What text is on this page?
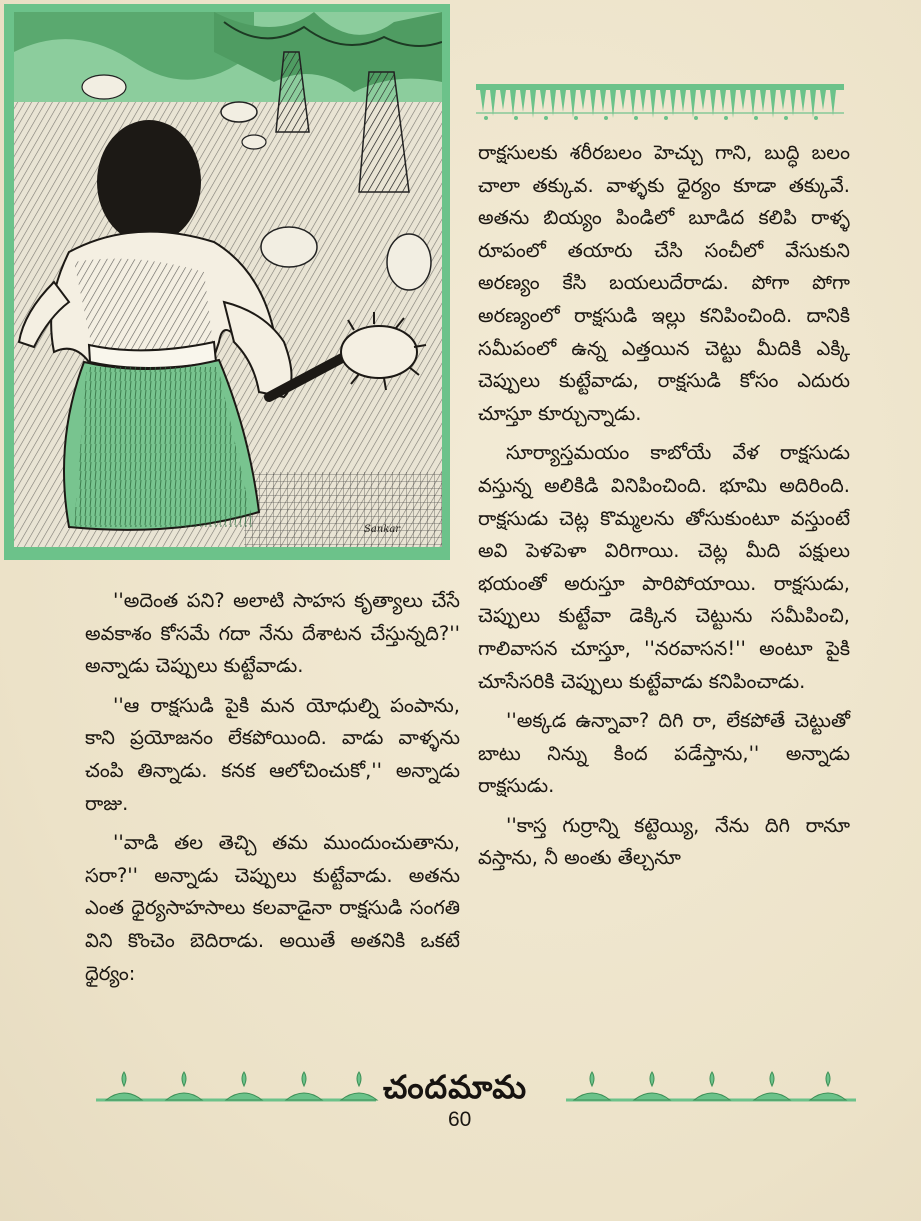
Sankar

రాక్షసులకు శరీరబలం హెచ్చు గాని, బుద్ధి బలం చాలా తక్కువ. వాళ్ళకు ధైర్యం కూడా తక్కువే. అతను బియ్యం పిండిలో బూడిద కలిపి రాళ్ళ రూపంలో తయారు చేసి సంచీలో వేసుకుని అరణ్యం కేసి బయలుదేరాడు. పోగా పోగా అరణ్యంలో రాక్షసుడి ఇల్లు కనిపించింది. దానికి సమీపంలో ఉన్న ఎత్తయిన చెట్టు మీదికి ఎక్కి చెప్పులు కుట్టేవాడు, రాక్షసుడి కోసం ఎదురు చూస్తూ కూర్చున్నాడు.

సూర్యాస్తమయం కాబోయే వేళ రాక్షసుడు వస్తున్న అలికిడి వినిపించింది. భూమి అదిరింది. రాక్షసుడు చెట్ల కొమ్మలను తోసుకుంటూ వస్తుంటే అవి పెళపెళా విరిగాయి. చెట్ల మీది పక్షులు భయంతో అరుస్తూ పారిపోయాయి. రాక్షసుడు, చెప్పులు కుట్టేవా డెక్కిన చెట్టును సమీపించి, గాలివాసన చూస్తూ, ''నరవాసన!'' అంటూ పైకి చూసేసరికి చెప్పులు కుట్టేవాడు కనిపించాడు.

''అక్కడ ఉన్నావా? దిగి రా, లేకపోతే చెట్టుతో బాటు నిన్ను కింద పడేస్తాను,'' అన్నాడు రాక్షసుడు.

''కాస్త గుర్రాన్ని కట్టెయ్యి, నేను దిగి రానూ వస్తాను, నీ అంతు తేల్చనూ

''అదెంత పని? అలాటి సాహస కృత్యాలు చేసే అవకాశం కోసమే గదా నేను దేశాటన చేస్తున్నది?'' అన్నాడు చెప్పులు కుట్టేవాడు.

''ఆ రాక్షసుడి పైకి మన యోధుల్ని పంపాను, కాని ప్రయోజనం లేకపోయింది. వాడు వాళ్ళను చంపి తిన్నాడు. కనక ఆలోచించుకో,'' అన్నాడు రాజు.

''వాడి తల తెచ్చి తమ ముందుంచుతాను, సరా?'' అన్నాడు చెప్పులు కుట్టేవాడు. అతను ఎంత ధైర్యసాహసాలు కలవాడైనా రాక్షసుడి సంగతి విని కొంచెం బెదిరాడు. అయితే అతనికి ఒకటే ధైర్యం:

చందమామ
60
